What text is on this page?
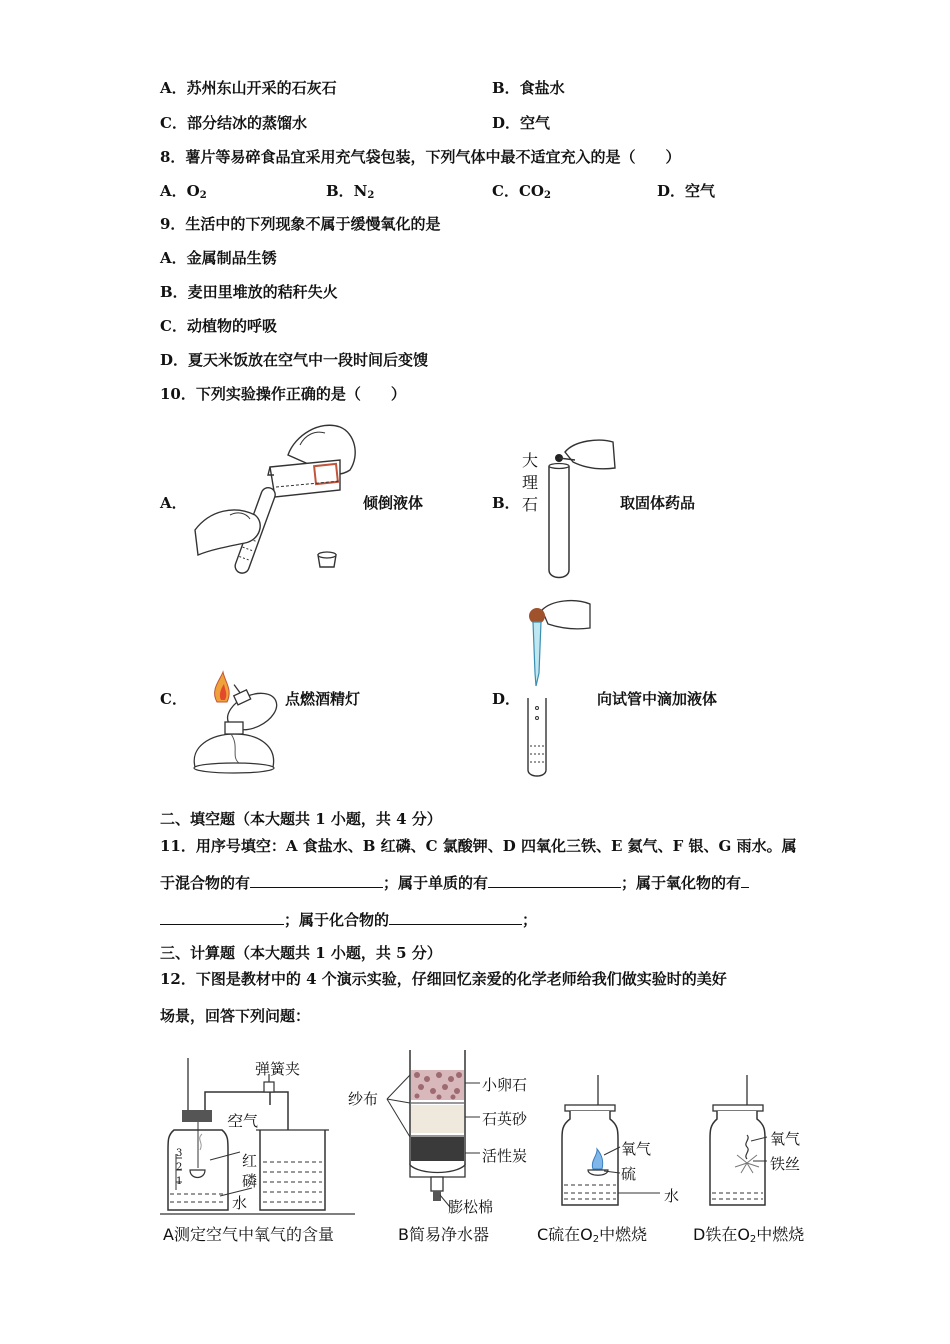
A．苏州东山开采的石灰石	B．食盐水
C．部分结冰的蒸馏水	D．空气
8．薯片等易碎食品宜采用充气袋包装，下列气体中最不适宜充入的是（　　）
A．$O_2$	B．$N_2$	C．$CO_2$	D．空气
9．生活中的下列现象不属于缓慢氧化的是
A．金属制品生锈
B．麦田里堆放的秸秆失火
C．动植物的呼吸
D．夏天米饭放在空气中一段时间后变馊
10．下列实验操作正确的是（　　）
A．	倾倒液体	B．
大
理
石	取固体药品
C．	点燃酒精灯	D．	向试管中滴加液体
二、填空题（本大题共 1 小题，共 4 分）
11．用序号填空：A 食盐水、B 红磷、C 氯酸钾、D 四氧化三铁、E 氦气、F 银、G 雨水。属
于混合物的有	；属于单质的有	；属于氧化物的有
；属于化合物的	；
三、计算题（本大题共 1 小题，共 5 分）
12．下图是教材中的 4 个演示实验，仔细回忆亲爱的化学老师给我们做实验时的美好
场景，回答下列问题：
弹簧夹
空气
红
磷
水
3
2
1
A测定空气中氧气的含量
纱布
小卵石
石英砂
活性炭
膨松棉
B简易净水器
氧气
硫
水
C硫在$O_2$中燃烧
氧气
铁丝
D铁在$O_2$中燃烧
